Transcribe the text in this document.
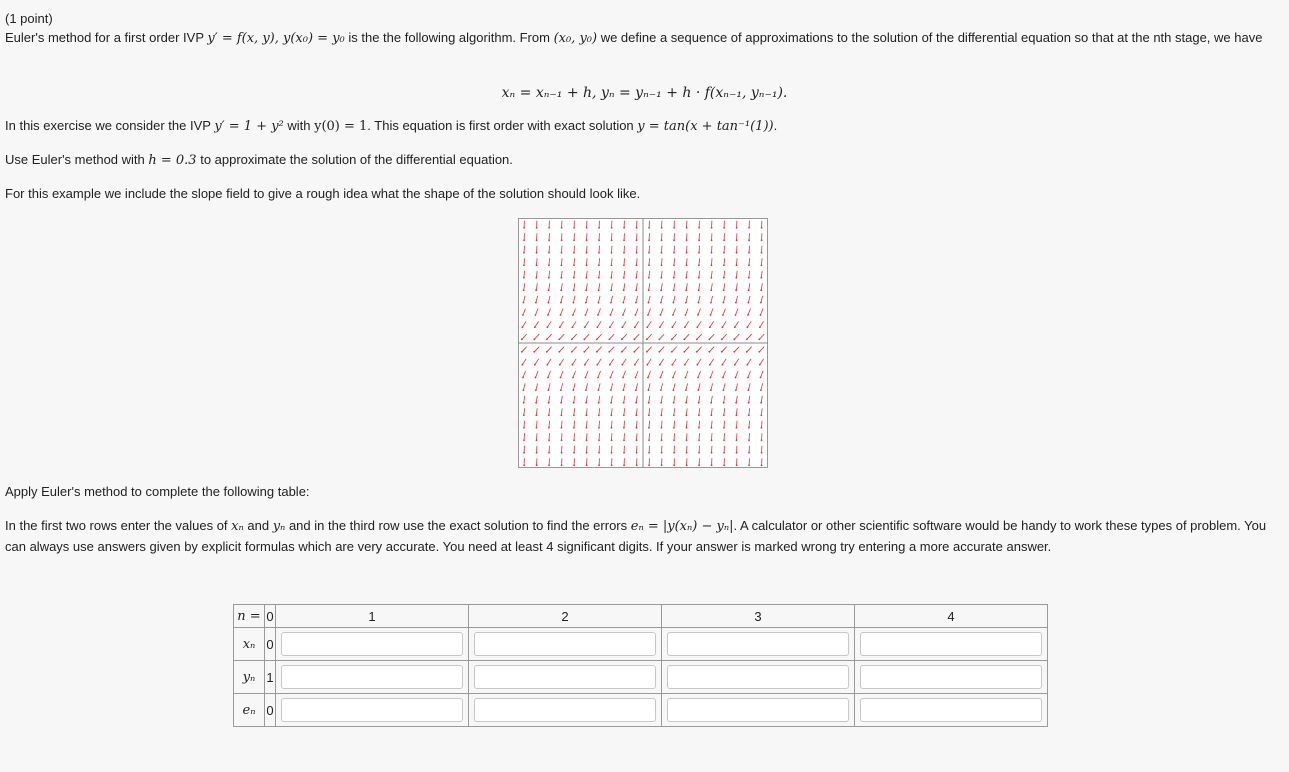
(1 point)
Euler's method for a first order IVP y′ = f(x, y), y(x₀) = y₀ is the the following algorithm. From (x₀, y₀) we define a sequence of approximations to the solution of the differential equation so that at the nth stage, we have
xₙ = xₙ₋₁ + h, yₙ = yₙ₋₁ + h · f(xₙ₋₁, yₙ₋₁).
In this exercise we consider the IVP y′ = 1 + y² with y(0) = 1. This equation is first order with exact solution y = tan(x + tan⁻¹(1)).
Use Euler's method with h = 0.3 to approximate the solution of the differential equation.
For this example we include the slope field to give a rough idea what the shape of the solution should look like.
Apply Euler's method to complete the following table:
In the first two rows enter the values of xₙ and yₙ and in the third row use the exact solution to find the errors eₙ = |y(xₙ) − yₙ|. A calculator or other scientific software would be handy to work these types of problem. You can always use answers given by explicit formulas which are very accurate. You need at least 4 significant digits. If your answer is marked wrong try entering a more accurate answer.
n =	0	1	2	3	4
xₙ	0				
yₙ	1				
eₙ	0				
